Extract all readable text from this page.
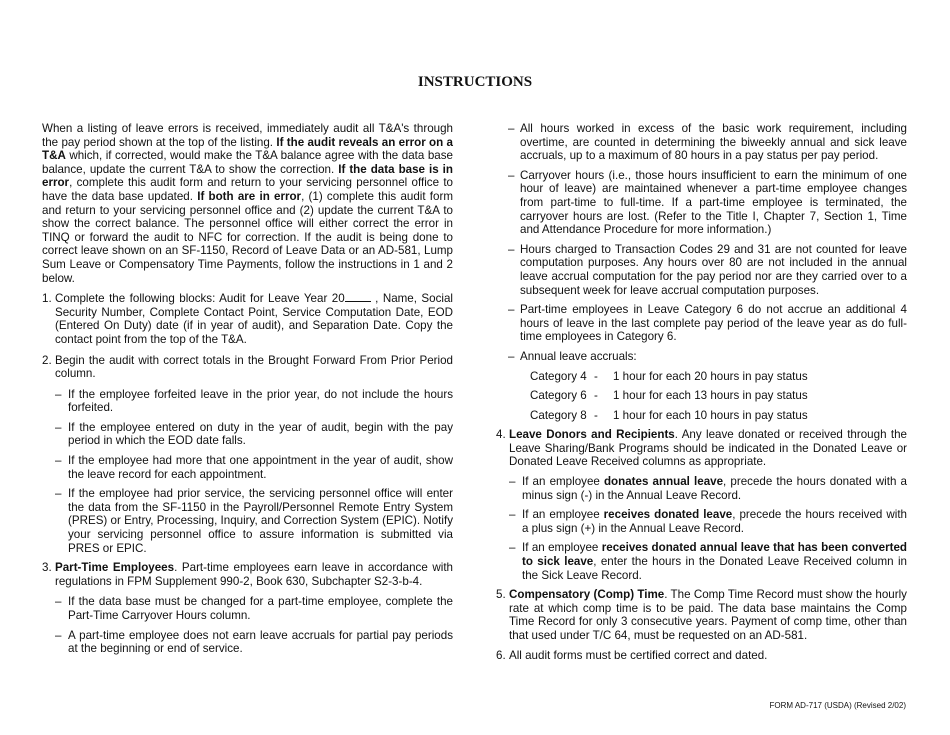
INSTRUCTIONS

When a listing of leave errors is received, immediately audit all T&A's through the pay period shown at the top of the listing. If the audit reveals an error on a T&A which, if corrected, would make the T&A balance agree with the data base balance, update the current T&A to show the correction. If the data base is in error, complete this audit form and return to your servicing personnel office to have the data base updated. If both are in error, (1) complete this audit form and return to your servicing personnel office and (2) update the current T&A to show the correct balance. The personnel office will either correct the error in TINQ or forward the audit to NFC for correction. If the audit is being done to correct leave shown on an SF-1150, Record of Leave Data or an AD-581, Lump Sum Leave or Compensatory Time Payments, follow the instructions in 1 and 2 below.

1. Complete the following blocks: Audit for Leave Year 20 , Name, Social Security Number, Complete Contact Point, Service Computation Date, EOD (Entered On Duty) date (if in year of audit), and Separation Date. Copy the contact point from the top of the T&A.
2. Begin the audit with correct totals in the Brought Forward From Prior Period column.

– If the employee forfeited leave in the prior year, do not include the hours forfeited.
– If the employee entered on duty in the year of audit, begin with the pay period in which the EOD date falls.
– If the employee had more that one appointment in the year of audit, show the leave record for each appointment.
– If the employee had prior service, the servicing personnel office will enter the data from the SF-1150 in the Payroll/Personnel Remote Entry System (PRES) or Entry, Processing, Inquiry, and Correction System (EPIC). Notify your servicing personnel office to assure information is submitted via PRES or EPIC.
3. Part-Time Employees. Part-time employees earn leave in accordance with regulations in FPM Supplement 990-2, Book 630, Subchapter S2-3-b-4.
– If the data base must be changed for a part-time employee, complete the Part-Time Carryover Hours column.
– A part-time employee does not earn leave accruals for partial pay periods at the beginning or end of service.
– All hours worked in excess of the basic work requirement, including overtime, are counted in determining the biweekly annual and sick leave accruals, up to a maximum of 80 hours in a pay status per pay period.
– Carryover hours (i.e., those hours insufficient to earn the minimum of one hour of leave) are maintained whenever a part-time employee changes from part-time to full-time. If a part-time employee is terminated, the carryover hours are lost. (Refer to the Title I, Chapter 7, Section 1, Time and Attendance Procedure for more information.)
– Hours charged to Transaction Codes 29 and 31 are not counted for leave computation purposes. Any hours over 80 are not included in the annual leave accrual computation for the pay period nor are they carried over to a subsequent week for leave accrual computation purposes.
– Part-time employees in Leave Category 6 do not accrue an additional 4 hours of leave in the last complete pay period of the leave year as do full-time employees in Category 6.
– Annual leave accruals:
Category 4 -	1 hour for each 20 hours in pay status
Category 6 -	1 hour for each 13 hours in pay status
Category 8 -	1 hour for each 10 hours in pay status
4. Leave Donors and Recipients. Any leave donated or received through the Leave Sharing/Bank Programs should be indicated in the Donated Leave or Donated Leave Received columns as appropriate.

– If an employee donates annual leave, precede the hours donated with a minus sign (-) in the Annual Leave Record.
– If an employee receives donated leave, precede the hours received with a plus sign (+) in the Annual Leave Record.
– If an employee receives donated annual leave that has been converted to sick leave, enter the hours in the Donated Leave Received column in the Sick Leave Record.
5. Compensatory (Comp) Time. The Comp Time Record must show the hourly rate at which comp time is to be paid. The data base maintains the Comp Time Record for only 3 consecutive years. Payment of comp time, other than that used under T/C 64, must be requested on an AD-581.
6. All audit forms must be certified correct and dated.
FORM AD-717 (USDA) (Revised 2/02)
